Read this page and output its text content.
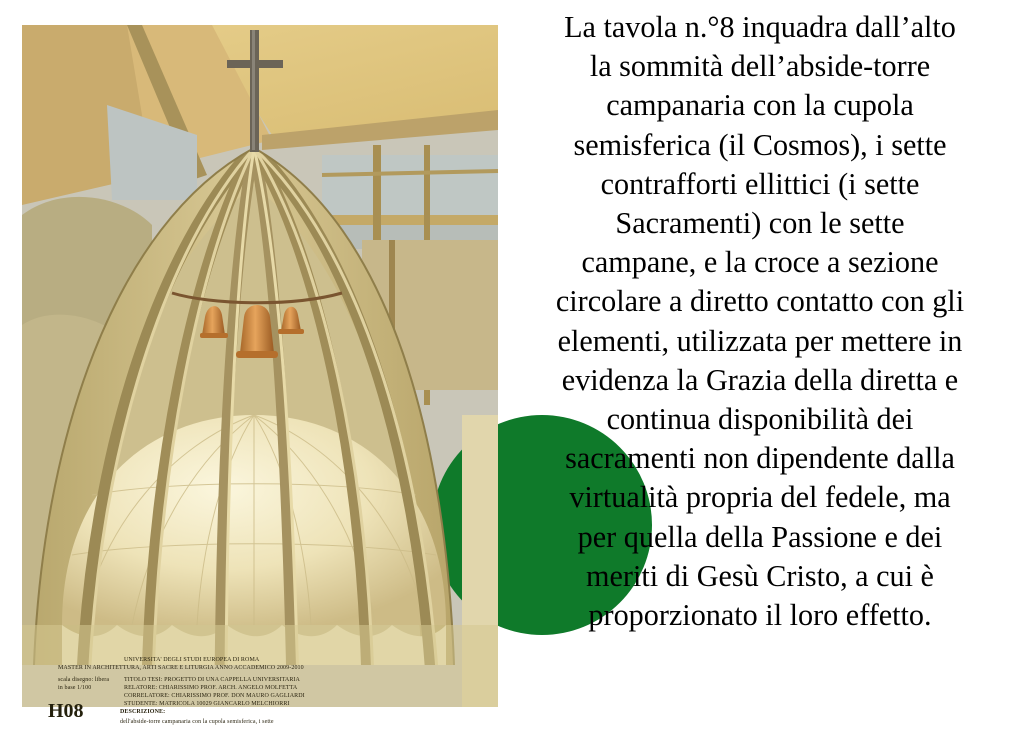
UNIVERSITA' DEGLI STUDI EUROPEA DI ROMA
MASTER IN ARCHITETTURA, ARTI SACRE E LITURGIA ANNO ACCADEMICO 2009-2010
scala disegno: libera
in base 1/100
TITOLO TESI: PROGETTO DI UNA CAPPELLA UNIVERSITARIA
RELATORE: CHIARISSIMO PROF. ARCH. ANGELO MOLFETTA
CORRELATORE: CHIARISSIMO PROF. DON MAURO GAGLIARDI
STUDENTE: MATRICOLA 10029 GIANCARLO MELCHIORRI
DESCRIZIONE:
dell'abside-torre campanaria con la cupola semisferica, i sette
H08

La tavola n.°8 inquadra dall’alto
la sommità dell’abside-torre
campanaria con la cupola
semisferica (il Cosmos), i sette
contrafforti ellittici (i sette
Sacramenti) con le sette
campane, e la croce a sezione
circolare a diretto contatto con gli
elementi, utilizzata per mettere in
evidenza la Grazia della diretta e
continua disponibilità dei
sacramenti non dipendente dalla
virtualità propria del fedele, ma
per quella della Passione e dei
meriti di Gesù Cristo, a cui è
proporzionato il loro effetto.
